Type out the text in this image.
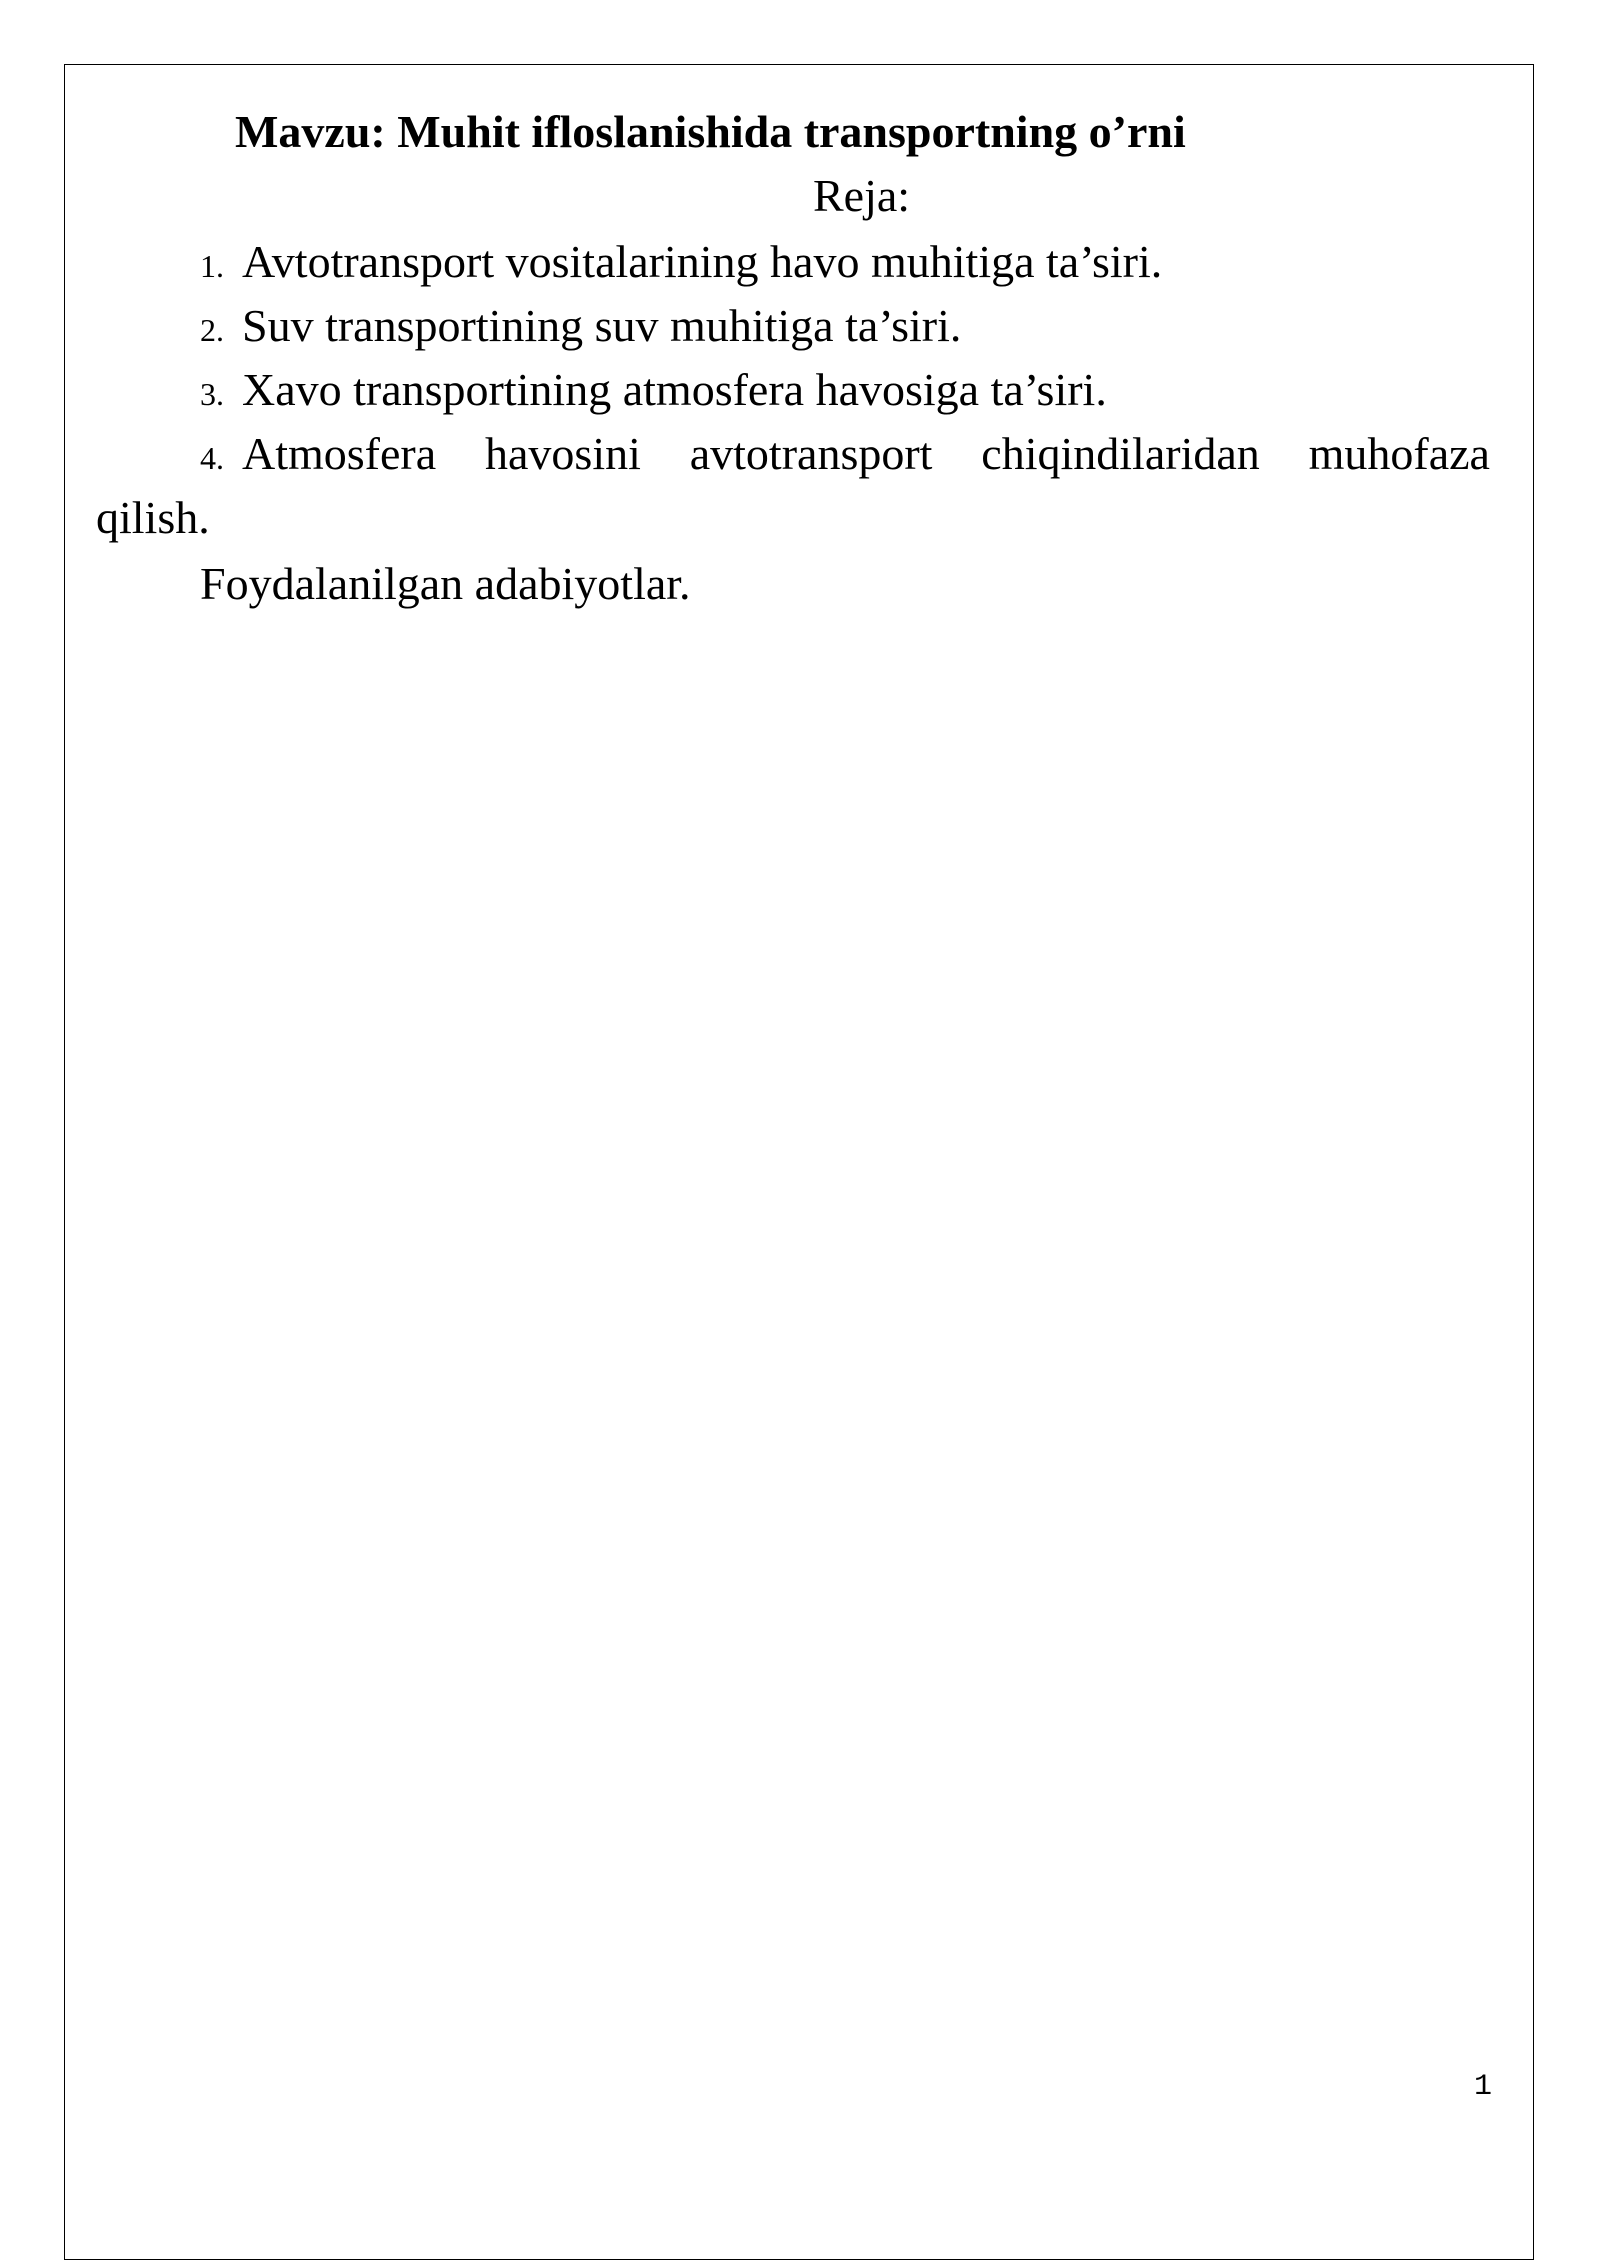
Mavzu: Muhit ifloslanishida transportning o’rni
Reja:
1. Avtotransport vositalarining havo muhitiga ta’siri.
2. Suv transportining suv muhitiga ta’siri.
3. Xavo transportining atmosfera havosiga ta’siri.
4. Atmosfera havosini avtotransport chiqindilaridan muhofaza
qilish.
Foydalanilgan adabiyotlar.
1
